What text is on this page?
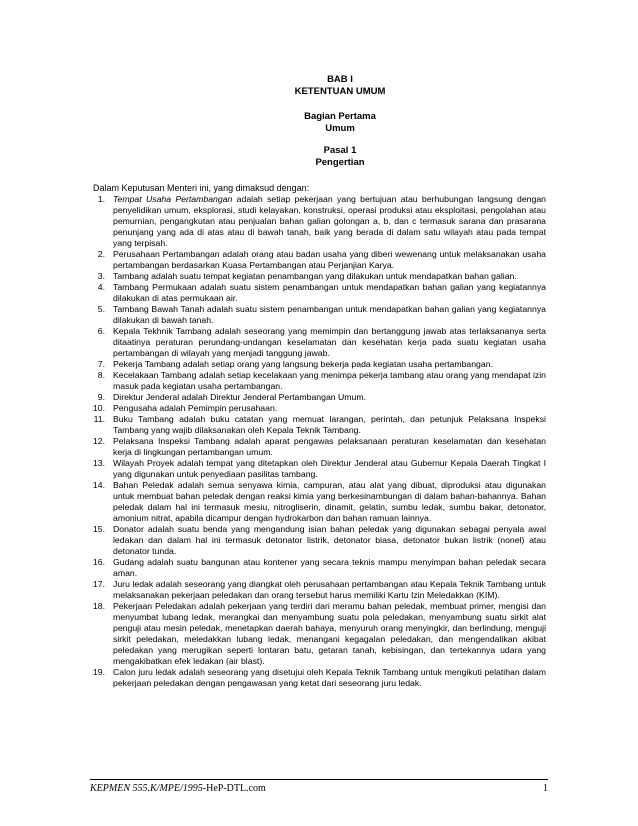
BAB I
KETENTUAN UMUM
Bagian Pertama
Umum
Pasal 1
Pengertian
Dalam Keputusan Menteri ini, yang dimaksud dengan:
1. Tempat Usaha Pertambangan adalah setiap pekerjaan yang bertujuan atau berhubungan langsung dengan penyelidikan umum, eksplorasi, studi kelayakan, konstruksi, operasi produksi atau eksploitasi, pengolahan atau pemurnian, pengangkutan atau penjualan bahan galian golongan a, b, dan c termasuk sarana dan prasarana penunjang yang ada di atas atau di bawah tanah, baik yang berada di dalam satu wilayah atau pada tempat yang terpisah.
2. Perusahaan Pertambangan adalah orang atau badan usaha yang diberi wewenang untuk melaksanakan usaha pertambangan berdasarkan Kuasa Pertambangan atau Perjanjian Karya.
3. Tambang adalah suatu tempat kegiatan penambangan yang dilakukan untuk mendapatkan bahan galian.
4. Tambang Permukaan adalah suatu sistem penambangan untuk mendapatkan bahan galian yang kegiatannya dilakukan di atas permukaan air.
5. Tambang Bawah Tanah adalah suatu sistem penambangan untuk mendapatkan bahan galian yang kegiatannya dilakukan di bawah tanah.
6. Kepala Tekhnik Tambang adalah seseorang yang memimpin dan bertanggung jawab atas terlaksananya serta ditaatinya peraturan perundang-undangan keselamatan dan kesehatan kerja pada suatu kegiatan usaha pertambangan di wilayah yang menjadi tanggung jawab.
7. Pekerja Tambang adalah setiap orang yang langsung bekerja pada kegiatan usaha pertambangan.
8. Kecelakaan Tambang adalah setiap kecelakaan yang menimpa pekerja tambang atau orang yang mendapat izin masuk pada kegiatan usaha pertambangan.
9. Direktur Jenderal adalah Direktur Jenderal Pertambangan Umum.
10. Pengusaha adalah Pemimpin perusahaan.
11. Buku Tambang adalah buku catatan yang memuat larangan, perintah, dan petunjuk Pelaksana Inspeksi Tambang yang wajib dilaksanakan oleh Kepala Teknik Tambang.
12. Pelaksana Inspeksi Tambang adalah aparat pengawas pelaksanaan peraturan keselamatan dan kesehatan kerja di lingkungan pertambangan umum.
13. Wilayah Proyek adalah tempat yang ditetapkan oleh Direktur Jenderal atau Gubernur Kepala Daerah Tingkat I yang digunakan untuk penyediaan pasilitas tambang.
14. Bahan Peledak adalah semua senyawa kimia, campuran, atau alat yang dibuat, diproduksi atau digunakan untuk membuat bahan peledak dengan reaksi kimia yang berkesinambungan di dalam bahan-bahannya. Bahan peledak dalam hal ini termasuk mesiu, nitrogliserin, dinamit, gelatin, sumbu ledak, sumbu bakar, detonator, amonium nitrat, apabila dicampur dengan hydrokarbon dan bahan ramuan lainnya.
15. Donator adalah suatu benda yang mengandung isian bahan peledak yang digunakan sebagai penyala awal ledakan dan dalam hal ini termasuk detonator listrik, detonator biasa, detonator bukan listrik (nonel) atau detonator tunda.
16. Gudang adalah suatu bangunan atau kontener yang secara teknis mampu menyimpan bahan peledak secara aman.
17. Juru ledak adalah seseorang yang diangkat oleh perusahaan pertambangan atau Kepala Teknik Tambang untuk melaksanakan pekerjaan peledakan dan orang tersebut harus memiliki Kartu Izin Meledakkan (KIM).
18. Pekerjaan Peledakan adalah pekerjaan yang terdiri dari meramu bahan peledak, membuat primer, mengisi dan menyumbat lubang ledak, merangkai dan menyambung suatu pola peledakan, menyambung suatu sirkit alat penguji atau mesin peledak, menetapkan daerah bahaya, menyuruh orang menyingkir, dan berlindung, menguji sirkit peledakan, meledakkan lubang ledak, menangani kegagalan peledakan, dan mengendalikan akibat peledakan yang merugikan seperti lontaran batu, getaran tanah, kebisingan, dan tertekannya udara yang mengakibatkan efek ledakan (air blast).
19. Calon juru ledak adalah seseorang yang disetujui oleh Kepala Teknik Tambang untuk mengikuti pelatihan dalam pekerjaan peledakan dengan pengawasan yang ketat dari seseorang juru ledak.
KEPMEN 555.K/MPE/1995-HeP-DTL.com	1
